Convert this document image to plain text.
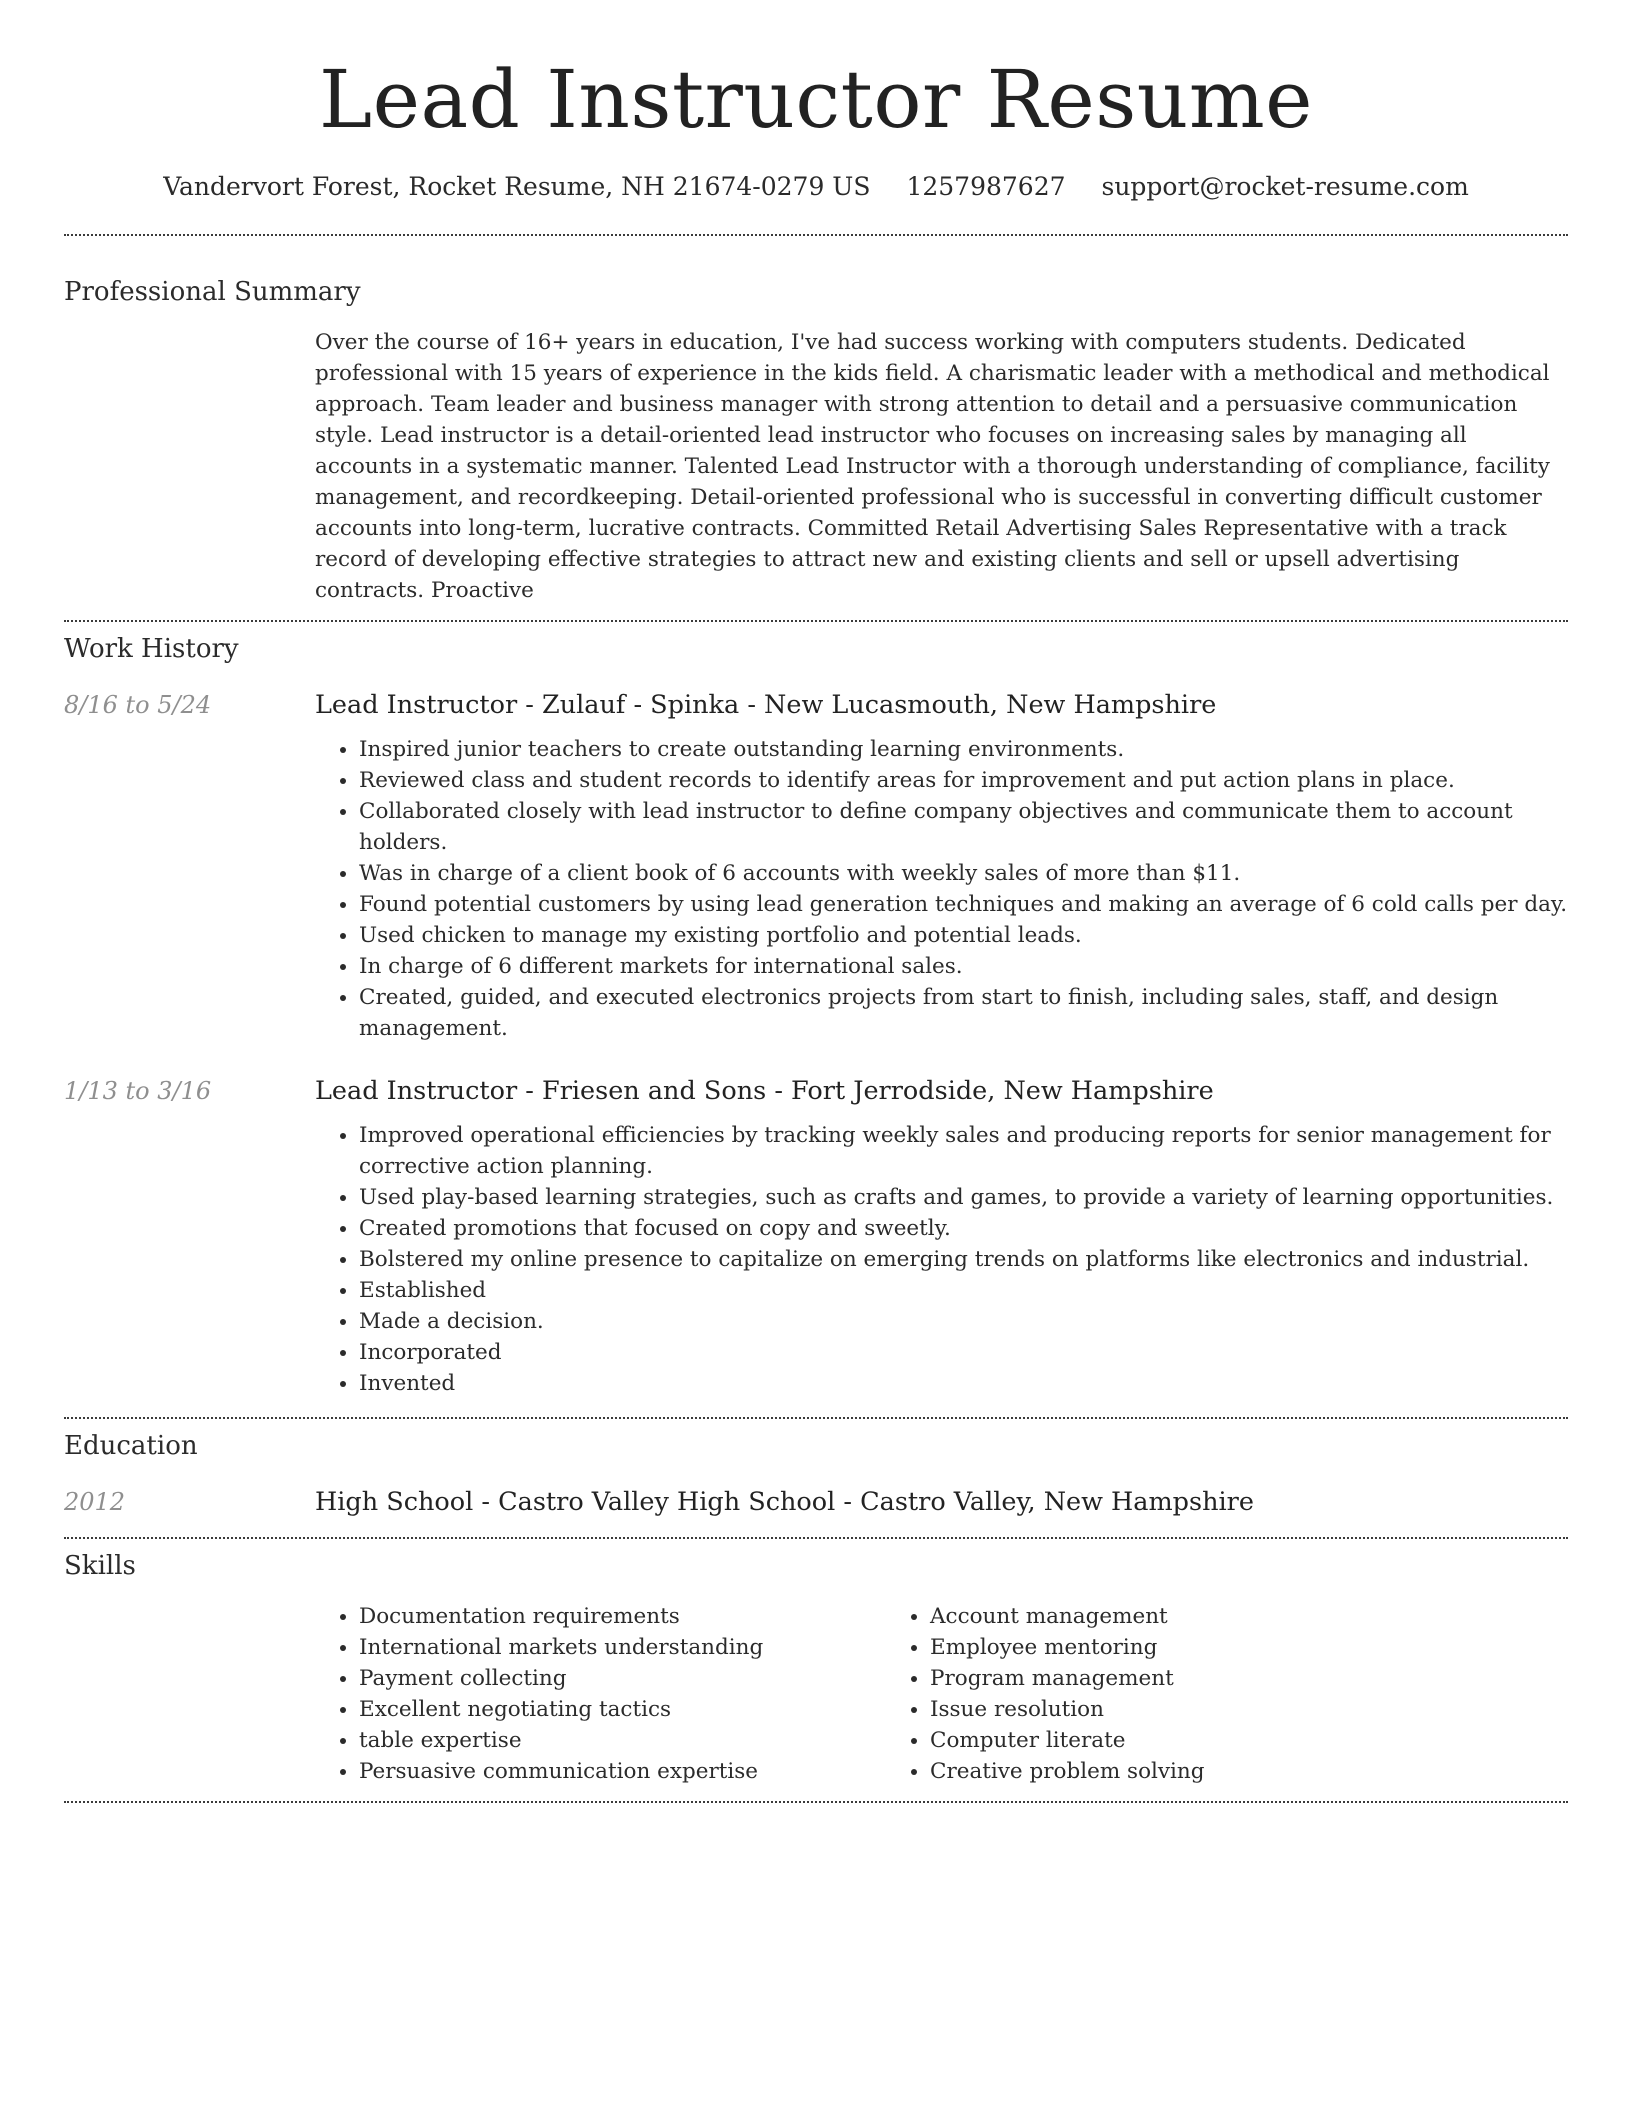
Lead Instructor Resume
Vandervort Forest, Rocket Resume, NH 21674-0279 US 1257987627 support@rocket-resume.com
Professional Summary
Over the course of 16+ years in education, I've had success working with computers students. Dedicated professional with 15 years of experience in the kids field. A charismatic leader with a methodical and methodical approach. Team leader and business manager with strong attention to detail and a persuasive communication style. Lead instructor is a detail-oriented lead instructor who focuses on increasing sales by managing all accounts in a systematic manner. Talented Lead Instructor with a thorough understanding of compliance, facility management, and recordkeeping. Detail-oriented professional who is successful in converting difficult customer accounts into long-term, lucrative contracts. Committed Retail Advertising Sales Representative with a track record of developing effective strategies to attract new and existing clients and sell or upsell advertising contracts. Proactive
Work History
8/16 to 5/24	Lead Instructor - Zulauf - Spinka - New Lucasmouth, New Hampshire
• Inspired junior teachers to create outstanding learning environments.
• Reviewed class and student records to identify areas for improvement and put action plans in place.
• Collaborated closely with lead instructor to define company objectives and communicate them to account holders.
• Was in charge of a client book of 6 accounts with weekly sales of more than $11.
• Found potential customers by using lead generation techniques and making an average of 6 cold calls per day.
• Used chicken to manage my existing portfolio and potential leads.
• In charge of 6 different markets for international sales.
• Created, guided, and executed electronics projects from start to finish, including sales, staff, and design management.
1/13 to 3/16	Lead Instructor - Friesen and Sons - Fort Jerrodside, New Hampshire
• Improved operational efficiencies by tracking weekly sales and producing reports for senior management for corrective action planning.
• Used play-based learning strategies, such as crafts and games, to provide a variety of learning opportunities.
• Created promotions that focused on copy and sweetly.
• Bolstered my online presence to capitalize on emerging trends on platforms like electronics and industrial.
• Established
• Made a decision.
• Incorporated
• Invented
Education
2012	High School - Castro Valley High School - Castro Valley, New Hampshire
Skills
• Documentation requirements
• International markets understanding
• Payment collecting
• Excellent negotiating tactics
• table expertise
• Persuasive communication expertise
• Account management
• Employee mentoring
• Program management
• Issue resolution
• Computer literate
• Creative problem solving
